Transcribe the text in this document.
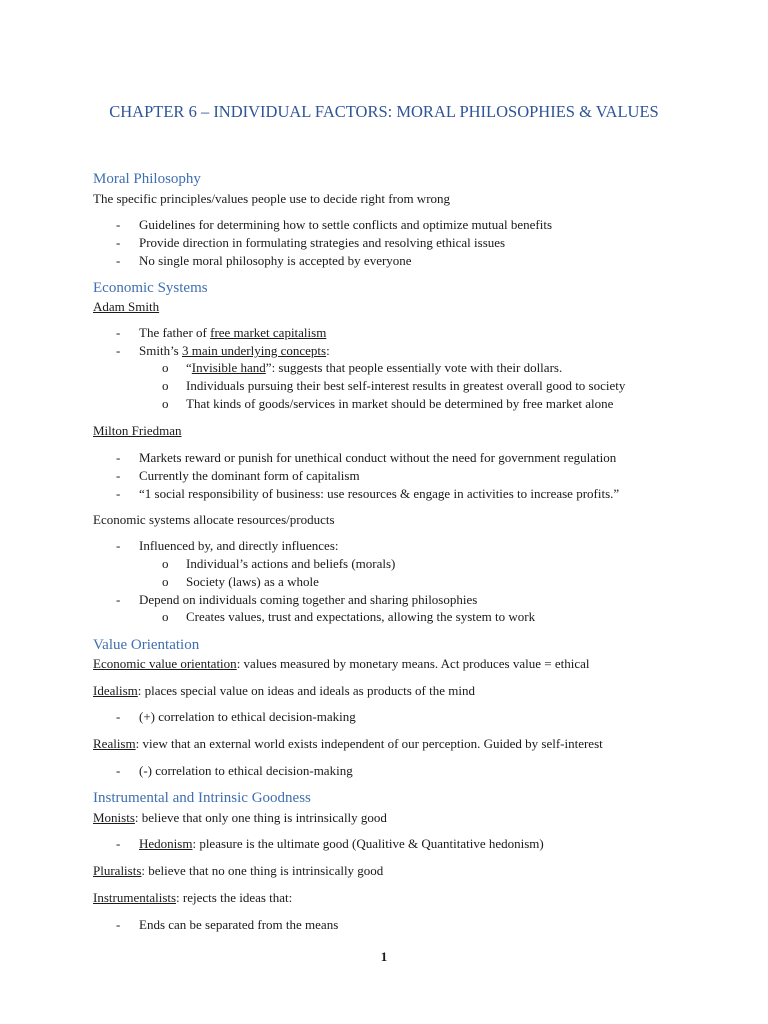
CHAPTER 6 – INDIVIDUAL FACTORS: MORAL PHILOSOPHIES & VALUES
Moral Philosophy
The specific principles/values people use to decide right from wrong
- Guidelines for determining how to settle conflicts and optimize mutual benefits
- Provide direction in formulating strategies and resolving ethical issues
- No single moral philosophy is accepted by everyone
Economic Systems
Adam Smith
- The father of free market capitalism
- Smith’s 3 main underlying concepts:
o “Invisible hand”: suggests that people essentially vote with their dollars.
o Individuals pursuing their best self-interest results in greatest overall good to society
o That kinds of goods/services in market should be determined by free market alone
Milton Friedman
- Markets reward or punish for unethical conduct without the need for government regulation
- Currently the dominant form of capitalism
- “1 social responsibility of business: use resources & engage in activities to increase profits.”
Economic systems allocate resources/products
- Influenced by, and directly influences:
o Individual’s actions and beliefs (morals)
o Society (laws) as a whole
- Depend on individuals coming together and sharing philosophies
o Creates values, trust and expectations, allowing the system to work
Value Orientation
Economic value orientation: values measured by monetary means. Act produces value = ethical
Idealism: places special value on ideas and ideals as products of the mind
- (+) correlation to ethical decision-making
Realism: view that an external world exists independent of our perception. Guided by self-interest
- (-) correlation to ethical decision-making
Instrumental and Intrinsic Goodness
Monists: believe that only one thing is intrinsically good
- Hedonism: pleasure is the ultimate good (Qualitive & Quantitative hedonism)
Pluralists: believe that no one thing is intrinsically good
Instrumentalists: rejects the ideas that:
- Ends can be separated from the means
1
